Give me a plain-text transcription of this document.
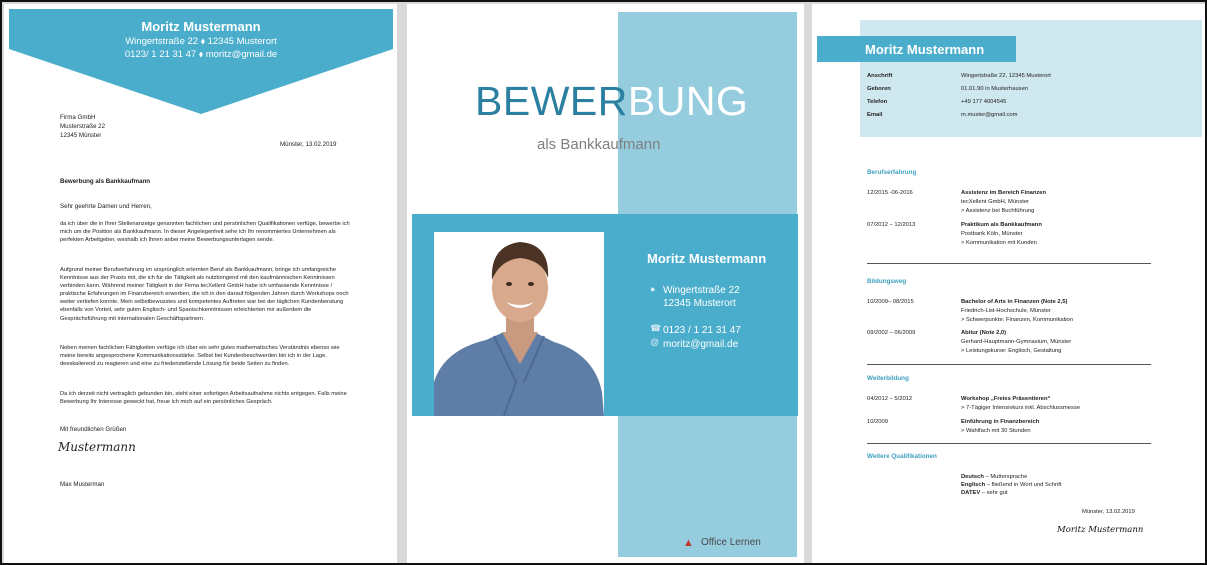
Moritz Mustermann
Wingertstraße 22 ⬧ 12345 Musterort
0123/ 1 21 31 47 ⬧ moritz@gmail.de
Firma GmbH
Musterstraße 22
12345 Münster
Münster, 13.02.2019
Bewerbung als Bankkaufmann
Sehr geehrte Damen und Herren,
da ich über die in Ihrer Stellenanzeige genannten fachlichen und persönlichen Qualifikationen verfüge, bewerbe ich mich um die Position als Bankkaufmann. In dieser Angelegenheit sehe ich Ihr renommiertes Unternehmen als perfekten Arbeitgeber, weshalb ich Ihnen anbei meine Bewerbungsunterlagen sende.
Aufgrund meiner Berufserfahrung im ursprünglich erlernten Beruf als Bankkaufmann, bringe ich umfangreiche Kenntnisse aus der Praxis mit, die ich für die Tätigkeit als nutzbringend mit den kaufmännischen Kenntnissen verbinden kann. Während meiner Tätigkeit in der Firma tecXellent GmbH habe ich umfassende Kenntnisse / praktische Erfahrungen im Finanzbereich erworben, die ich in den darauf folgenden Jahren durch Workshops noch weiter vertiefen konnte. Mein selbstbewusstes und kompetentes Auftreten war bei der täglichen Kundenberatung ebenfalls von Vorteil, sehr guten Englisch- und Spanischkenntnissen erleichterten mir außerdem die Gesprächsführung mit internationalen Geschäftspartnern.
Neben meinen fachlichen Fähigkeiten verfüge ich über ein sehr gutes mathematisches Verständnis ebenso wie meine bereits angesprochene Kommunikationsstärke. Selbst bei Kundenbeschwerden bin ich in der Lage, deeskalierend zu reagieren und eine zu friedenstellende Lösung für beide Seiten zu finden.
Da ich derzeit nicht vertraglich gebunden bin, steht einer sofortigen Arbeitsaufnahme nichts entgegen. Falls meine Bewerbung Ihr Interesse geweckt hat, freue ich mich auf ein persönliches Gespräch.
Mit freundlichen Grüßen
Mustermann
Max Musterman
BEWERBUNG
als Bankkaufmann
Moritz Mustermann
● Wingertstraße 22
12345 Musterort
☎ 0123 / 1 21 31 47
@ moritz@gmail.de
▲ Office Lernen
Moritz Mustermann
Anschrift	Wingertstraße 22, 12345 Musterort
Geboren	01.01.90 in Musterhausen
Telefon	+49 177 4004545
Email	m.muster@gmail.com
Berufserfahrung
12/2015 -06-2016	Assistenz im Bereich Finanzen
tecXellent GmbH, Münster
> Assistenz bei Buchführung
07/2012 – 12/2013	Praktikum als Bankkaufmann
Postbank Köln, Münster
> Kommunikation mit Kunden
Bildungsweg
10/2009– 08/2015	Bachelor of Arts in Finanzen (Note 2,5)
Friedrich-List-Hochschule, Münster
> Schwerpunkte: Finanzen, Kommunikation
09/2002 – 06/2009	Abitur (Note 2,0)
Gerhard-Hauptmann-Gymnasium, Münster
> Leistungskurse: Englisch, Gestaltung
Weiterbildung
04/2012 – 5/2012	Workshop „Freies Präsentieren“
> 7-Tägiger Intensivkurs inkl. Abschlussmesse
10/2009	Einführung in Finanzbereich
> Wahlfach mit 30 Stunden
Weitere Qualifikationen
Deutsch – Muttersprache
Englisch – fließend in Wort und Schrift
DATEV – sehr gut
Münster, 13.02.2019
Moritz Mustermann
